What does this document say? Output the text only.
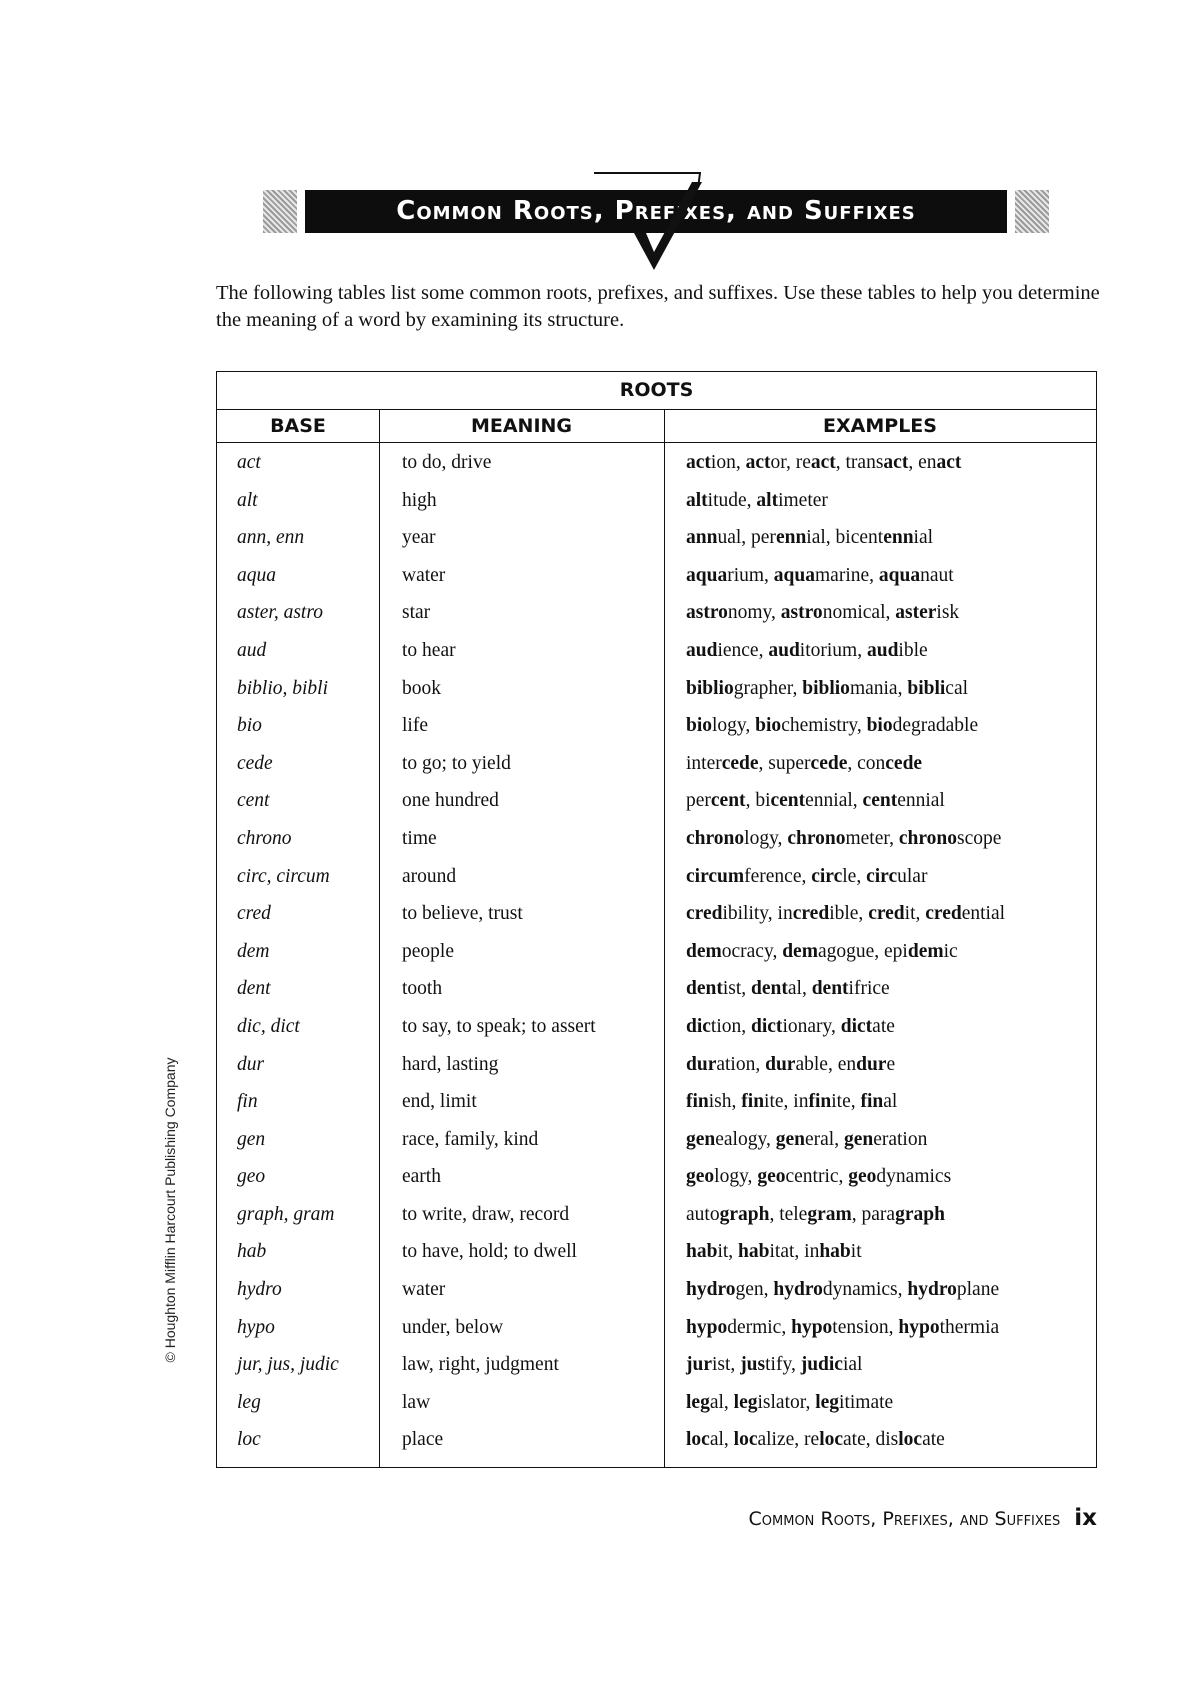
Common Roots, Prefixes, and Suffixes
The following tables list some common roots, prefixes, and suffixes. Use these tables to help you determine the meaning of a word by examining its structure.
ROOTS
BASE	MEANING	EXAMPLES
act	to do, drive	action, actor, react, transact, enact
alt	high	altitude, altimeter
ann, enn	year	annual, perennial, bicentennial
aqua	water	aquarium, aquamarine, aquanaut
aster, astro	star	astronomy, astronomical, asterisk
aud	to hear	audience, auditorium, audible
biblio, bibli	book	bibliographer, bibliomania, biblical
bio	life	biology, biochemistry, biodegradable
cede	to go; to yield	intercede, supercede, concede
cent	one hundred	percent, bicentennial, centennial
chrono	time	chronology, chronometer, chronoscope
circ, circum	around	circumference, circle, circular
cred	to believe, trust	credibility, incredible, credit, credential
dem	people	democracy, demagogue, epidemic
dent	tooth	dentist, dental, dentifrice
dic, dict	to say, to speak; to assert	diction, dictionary, dictate
dur	hard, lasting	duration, durable, endure
fin	end, limit	finish, finite, infinite, final
gen	race, family, kind	genealogy, general, generation
geo	earth	geology, geocentric, geodynamics
graph, gram	to write, draw, record	autograph, telegram, paragraph
hab	to have, hold; to dwell	habit, habitat, inhabit
hydro	water	hydrogen, hydrodynamics, hydroplane
hypo	under, below	hypodermic, hypotension, hypothermia
jur, jus, judic	law, right, judgment	jurist, justify, judicial
leg	law	legal, legislator, legitimate
loc	place	local, localize, relocate, dislocate
© Houghton Mifflin Harcourt Publishing Company
Common Roots, Prefixes, and Suffixes ix
